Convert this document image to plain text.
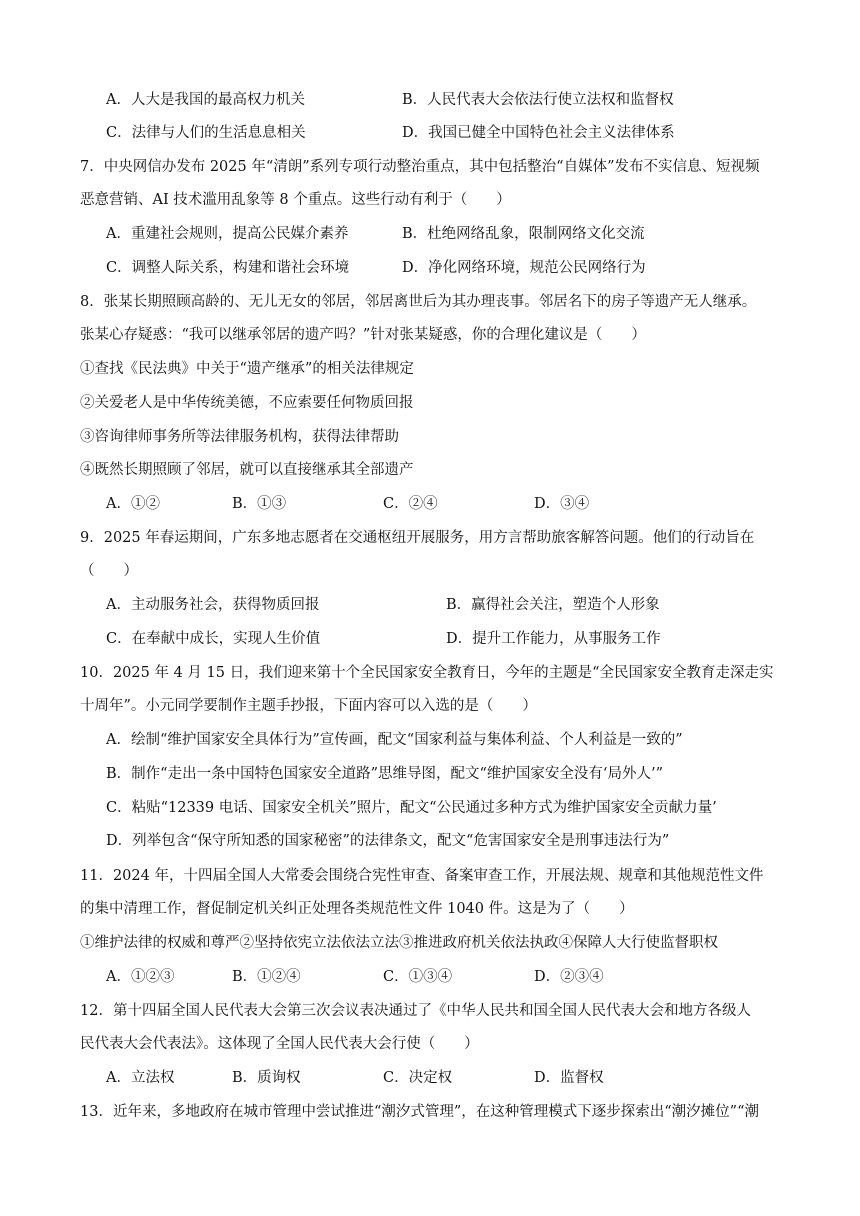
A．人大是我国的最高权力机关	B．人民代表大会依法行使立法权和监督权
C．法律与人们的生活息息相关	D．我国已健全中国特色社会主义法律体系
7．中央网信办发布 2025 年“清朗”系列专项行动整治重点，其中包括整治“自媒体”发布不实信息、短视频
恶意营销、AI 技术滥用乱象等 8 个重点。这些行动有利于（　　）
A．重建社会规则，提高公民媒介素养	B．杜绝网络乱象，限制网络文化交流
C．调整人际关系，构建和谐社会环境	D．净化网络环境，规范公民网络行为
8．张某长期照顾高龄的、无儿无女的邻居，邻居离世后为其办理丧事。邻居名下的房子等遗产无人继承。
张某心存疑惑：“我可以继承邻居的遗产吗？”针对张某疑惑，你的合理化建议是（　　）
①查找《民法典》中关于“遗产继承”的相关法律规定
②关爱老人是中华传统美德，不应索要任何物质回报
③咨询律师事务所等法律服务机构，获得法律帮助
④既然长期照顾了邻居，就可以直接继承其全部遗产
A．①②	B．①③	C．②④	D．③④
9．2025 年春运期间，广东多地志愿者在交通枢纽开展服务，用方言帮助旅客解答问题。他们的行动旨在
（　　）
A．主动服务社会，获得物质回报	B．赢得社会关注，塑造个人形象
C．在奉献中成长，实现人生价值	D．提升工作能力，从事服务工作
10．2025 年 4 月 15 日，我们迎来第十个全民国家安全教育日，今年的主题是“全民国家安全教育走深走实
十周年”。小元同学要制作主题手抄报，下面内容可以入选的是（　　）
A．绘制“维护国家安全具体行为”宣传画，配文“国家利益与集体利益、个人利益是一致的”
B．制作“走出一条中国特色国家安全道路”思维导图，配文“维护国家安全没有‘局外人’”
C．粘贴“12339 电话、国家安全机关”照片，配文“公民通过多种方式为维护国家安全贡献力量’
D．列举包含“保守所知悉的国家秘密”的法律条文，配文“危害国家安全是刑事违法行为”
11．2024 年，十四届全国人大常委会围绕合宪性审查、备案审查工作，开展法规、规章和其他规范性文件
的集中清理工作，督促制定机关纠正处理各类规范性文件 1040 件。这是为了（　　）
①维护法律的权威和尊严②坚持依宪立法依法立法③推进政府机关依法执政④保障人大行使监督职权
A．①②③	B．①②④	C．①③④	D．②③④
12．第十四届全国人民代表大会第三次会议表决通过了《中华人民共和国全国人民代表大会和地方各级人
民代表大会代表法》。这体现了全国人民代表大会行使（　　）
A．立法权	B．质询权	C．决定权	D．监督权
13．近年来，多地政府在城市管理中尝试推进“潮汐式管理”，在这种管理模式下逐步探索出“潮汐摊位”“潮
